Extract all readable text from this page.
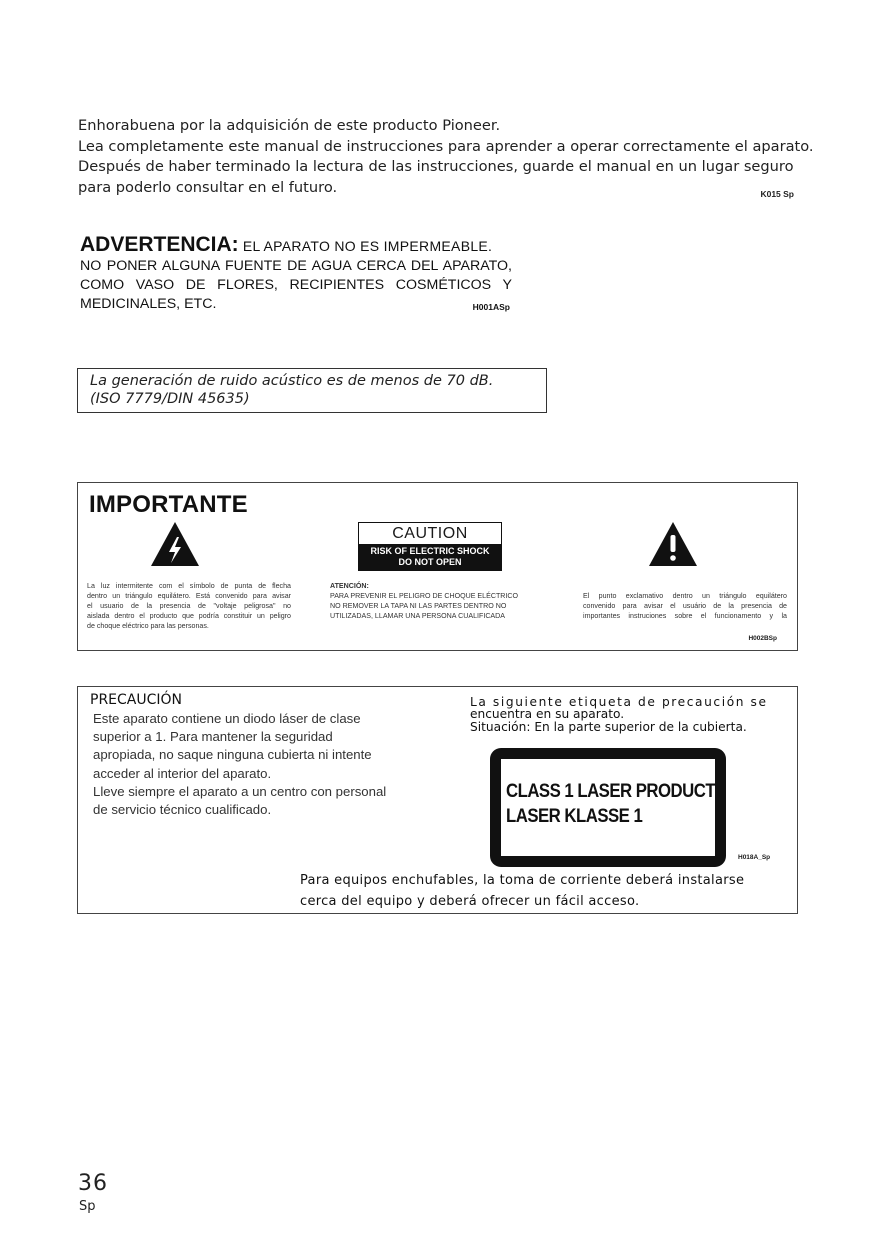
Enhorabuena por la adquisición de este producto Pioneer.
Lea completamente este manual de instrucciones para aprender a operar correctamente el aparato.
Después de haber terminado la lectura de las instrucciones, guarde el manual en un lugar seguro
para poderlo consultar en el futuro.	K015 Sp
ADVERTENCIA: EL APARATO NO ES IMPERMEABLE.
NO PONER ALGUNA FUENTE DE AGUA CERCA DEL APARATO,
COMO VASO DE FLORES, RECIPIENTES COSMÉTICOS Y
MEDICINALES, ETC.	H001ASp
La generación de ruido acústico es de menos de 70 dB.
(ISO 7779/DIN 45635)
IMPORTANTE
CAUTION
RISK OF ELECTRIC SHOCK
DO NOT OPEN
La luz intermitente com el símbolo de punta de flecha
dentro un triángulo equilátero. Está convenido para avisar
el usuario de la presencia de "voltaje peligrosa" no
aislada dentro el producto que podría constituir un peligro
de choque eléctrico para las personas.
ATENCIÓN:
PARA PREVENIR EL PELIGRO DE CHOQUE ELÉCTRICO
NO REMOVER LA TAPA NI LAS PARTES DENTRO NO
UTILIZADAS, LLAMAR UNA PERSONA CUALIFICADA
El punto exclamativo dentro un triángulo equilátero
convenido para avisar el usuário de la presencia de
importantes instruciones sobre el funcionamento y la
H002BSp
PRECAUCIÓN
Este aparato contiene un diodo láser de clase
superior a 1. Para mantener la seguridad
apropiada, no saque ninguna cubierta ni intente
acceder al interior del aparato.
Lleve siempre el aparato a un centro con personal
de servicio técnico cualificado.
La siguiente etiqueta de precaución se
encuentra en su aparato.
Situación: En la parte superior de la cubierta.
CLASS 1 LASER PRODUCT
LASER KLASSE 1
H018A_Sp
Para equipos enchufables, la toma de corriente deberá instalarse
cerca del equipo y deberá ofrecer un fácil acceso.
36
Sp
